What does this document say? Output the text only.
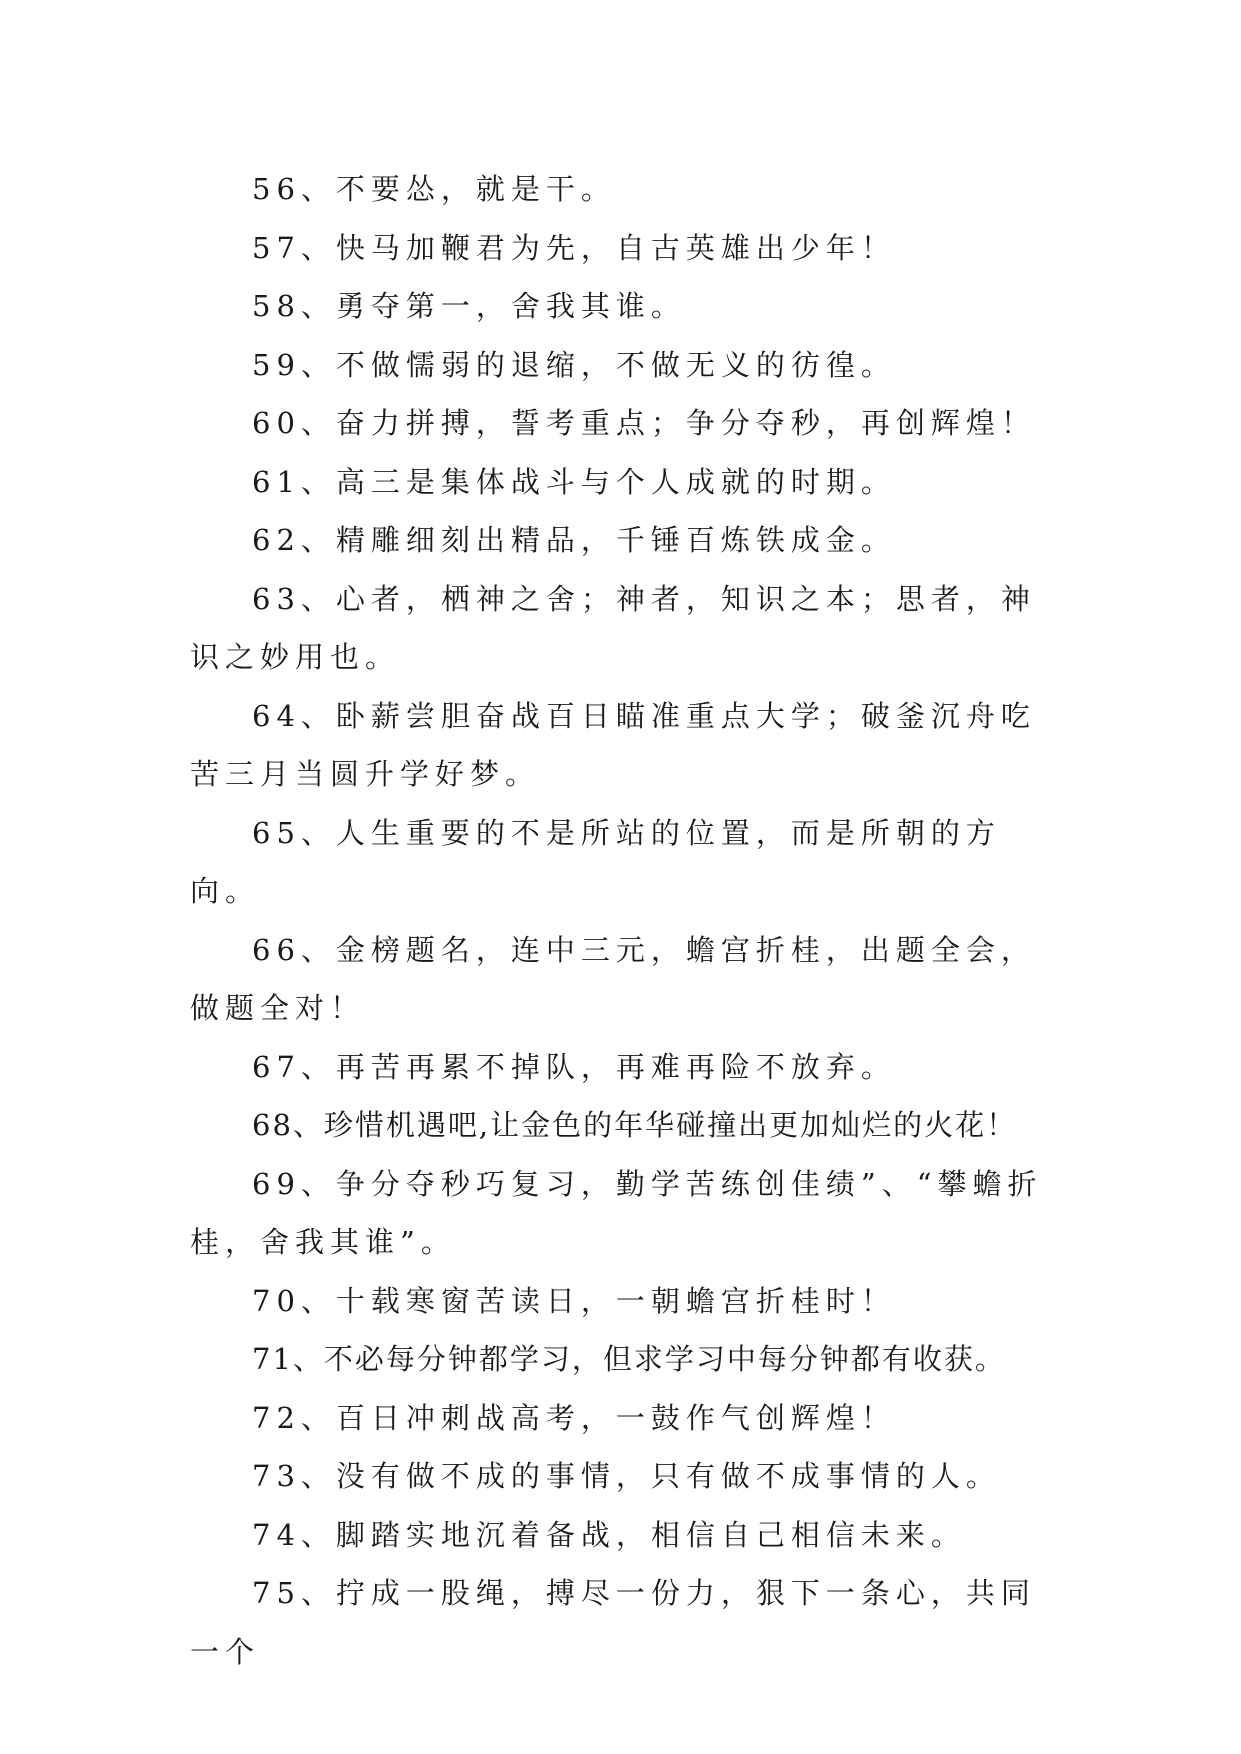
56、不要怂，就是干。

57、快马加鞭君为先，自古英雄出少年！

58、勇夺第一，舍我其谁。

59、不做懦弱的退缩，不做无义的彷徨。

60、奋力拼搏，誓考重点；争分夺秒，再创辉煌！

61、高三是集体战斗与个人成就的时期。

62、精雕细刻出精品，千锤百炼铁成金。

63、心者，栖神之舍；神者，知识之本；思者，神识之妙用也。

64、卧薪尝胆奋战百日瞄准重点大学；破釜沉舟吃苦三月当圆升学好梦。

65、人生重要的不是所站的位置，而是所朝的方向。

66、金榜题名，连中三元，蟾宫折桂，出题全会，做题全对！

67、再苦再累不掉队，再难再险不放弃。

68、珍惜机遇吧,让金色的年华碰撞出更加灿烂的火花！

69、争分夺秒巧复习，勤学苦练创佳绩”、“攀蟾折桂，舍我其谁”。

70、十载寒窗苦读日，一朝蟾宫折桂时！

71、不必每分钟都学习，但求学习中每分钟都有收获。

72、百日冲刺战高考，一鼓作气创辉煌！

73、没有做不成的事情，只有做不成事情的人。

74、脚踏实地沉着备战，相信自己相信未来。

75、拧成一股绳，搏尽一份力，狠下一条心，共同一个
